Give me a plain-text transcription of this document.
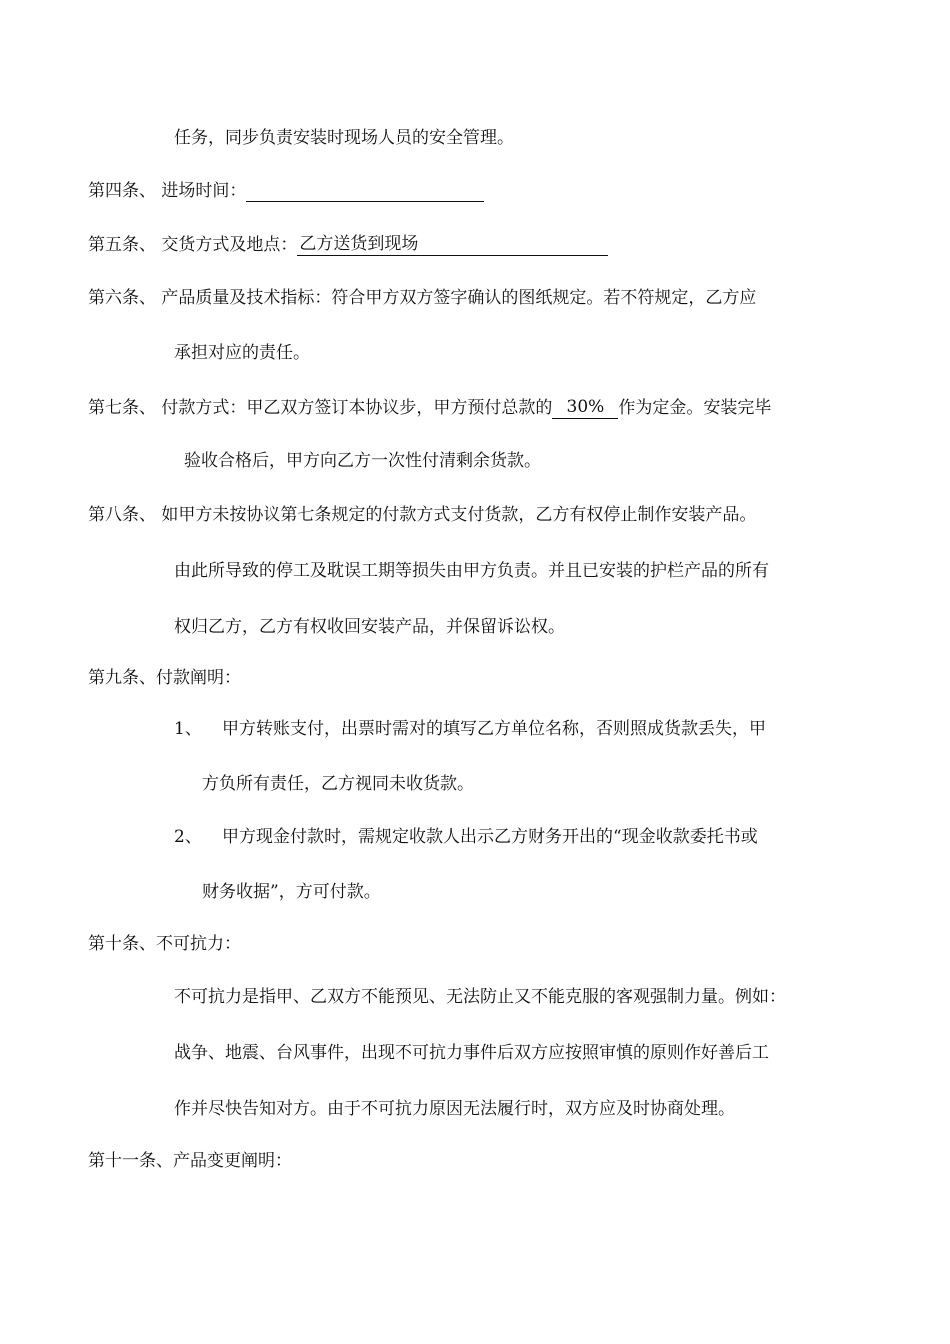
任务，同步负责安装时现场人员的安全管理。
第四条、 进场时间：
第五条、 交货方式及地点： 乙方送货到现场
第六条、 产品质量及技术指标：符合甲方双方签字确认的图纸规定。若不符规定，乙方应
承担对应的责任。
第七条、 付款方式：甲乙双方签订本协议步，甲方预付总款的 30% 作为定金。安装完毕
验收合格后，甲方向乙方一次性付清剩余货款。
第八条、 如甲方未按协议第七条规定的付款方式支付货款，乙方有权停止制作安装产品。
由此所导致的停工及耽误工期等损失由甲方负责。并且已安装的护栏产品的所有
权归乙方，乙方有权收回安装产品，并保留诉讼权。
第九条、付款阐明：
1、 甲方转账支付，出票时需对的填写乙方单位名称，否则照成货款丢失，甲
方负所有责任，乙方视同未收货款。
2、 甲方现金付款时，需规定收款人出示乙方财务开出的“现金收款委托书或
财务收据”，方可付款。
第十条、不可抗力：
不可抗力是指甲、乙双方不能预见、无法防止又不能克服的客观强制力量。例如：
战争、地震、台风事件，出现不可抗力事件后双方应按照审慎的原则作好善后工
作并尽快告知对方。由于不可抗力原因无法履行时，双方应及时协商处理。
第十一条、产品变更阐明：
